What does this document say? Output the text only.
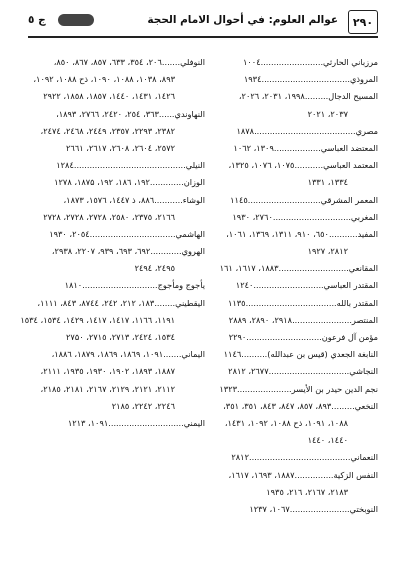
۲۹۰
عوالم العلوم: في أحوال الامام الحجة
ج ٥
مرزباني الحارثي........................۱۰۰٤
المروذي..................................۱۹۳٤
المسيح الدجال.........۱۹۹۸، ۲۰۳۱، ۲۰۲٦،
۲۰۳۷، ۲۰۲۱
مصري.......................................۱۸۷۸
المعتضد العباسي..................۱۳۰۹، ۱۰٦۲
المعتمد العباسي...........۱۰۷٥، ۱۰۷٦، ۱۳۲٥،
۱۳۳٤، ۱۳۳۱
المعمر المشرقي............................۱۱٤٥
المغربي..............................۲۷٦۰، ۱۹۳۰
المفيد...........٦٥۰، ۹۱۰، ۱۳۱۱، ۱۳٦۹، ۱۰٦۱،
۲۸۱۲، ۱۹۲۷
المقانعي...........................۱۸۸۳، ۱٦۱۷، ۱٦۱
المقتدر العباسي...........................۱۲٤۰
المقتدر بالله...................................۱۱۳٥
المنتصر.......................۲۹۱۸، ۲۸۹۰، ۲۸۸۹
مؤمن آل فرعون.............................۲۲۹۰
النابغة الجعدي (قيس بن عبدالله)..........۱۱٤٦
النجاشي...............................۲٦۷۷، ۲۸۱۲
نجم الدين حيدر بن الأيسر.....................۱۳۲۳
النخعي.........۸۹۳، ۸٥۷، ۸٤۷، ۸٤۳، ۳٥۱، ۳٥۱،
۱۰۸۸، ۱۰۹۱، ذح ۱۰۸۸، ۱۰۹۲، ۱٤۳۱،
۱٤٤۰، ۱٤٤۰
النعماني.......................................۲۸۱۲
النفس الزكية...............۱۸۸۷، ۱٦۹۳، ۱٦۱۷،
۲۱۸۳، ۲۱٦۷، ۲۱٦، ۱۹۳٥
النوبختي.......................۱۰٦۷، ۱۲۳۷
النوفلي.......۲۰٦، ۳٥٤، ٦۳۳، ۸٥۷، ۸٦۷، ۸٥۰،
۸۹۳، ۱۰۳۸، ۱۰۸۸، ۱۰۹۰، ذح ۱۰۸۸، ۱۰۹۲،
۱٤۲٦، ۱٤۳۱، ۱٤٤۰، ۱۸٥۷، ۱۸٥۸، ۲۹۲۲
النهاوندي......۳٦۳، ۲٥٤، ۲٤۲۰، ۲۷٦٦، ۱۸۹۳،
۲۳۸۲، ۲۲۹۳، ۲۳٥۷، ۲٤٤۹، ۲٤٦۸، ۲٤۷٤،
۲٥۷۲، ۲٦۰٤، ۲٦۰۸، ۲٦۱۷، ۲٦٦۱
النيلي...........................................۱۲۸٤
الوزان.............۱۹۲، ۱۸٦، ۱۹۲، ۱۸۷۵، ۱۲۷۸
الوشاء...........۸۸٦، ذ ۱٤٤۷، ۱٥۷٦، ۱۸۷۳،
۲۱٦٦، ۲۳۷٥، ۲٥۸۰، ۲۷۲۸، ۲۷۲۸، ۲۷۲۸
الهاشمي.................................۲۰٥٤، ۱۹۳۰
الهروي............٦۹۲، ٦۹۳، ۹۳۹، ۲۲۰۷، ۲۹۳۸،
۲٤۹٥، ۲٤۹٤
يأجوج ومأجوج.............................۱۸۱۰
اليقطيني........۱۸۳، ۲۱۲، ۲٤۲، ۸۷٤٤، ۸٤۳، ۱۱۱۱،
۱۱۹۱، ۱۱٦٦، ۱٤۱۷، ۱٤۱۷، ۱٤۲۹، ۱٥۳٤، ۱٥۳٤
۱٥۳٤، ۲٤۲٤، ۲۷۱۳، ۲۷۱٥، ۲۷۵۰
اليماني.......۱۰۹۱، ۱۸٦۹، ۱۸٦۹، ۱۸۷۹، ۱۸۸٦،
۱۸۸۷، ۱۸۹۳، ۱۹۰۲، ۱۹۳۰، ۱۹۳٥، ۲۱۱۱،
۲۱۱۲، ۲۱۲۱، ۲۱۲۹، ۲۱٦۷، ۲۱۸۱، ۲۱۸٥،
۲۲٤٦، ۲۲٤۲، ۲۱۸٥
اليمني.............................۱۰۹۱، ۱۲۱۳
